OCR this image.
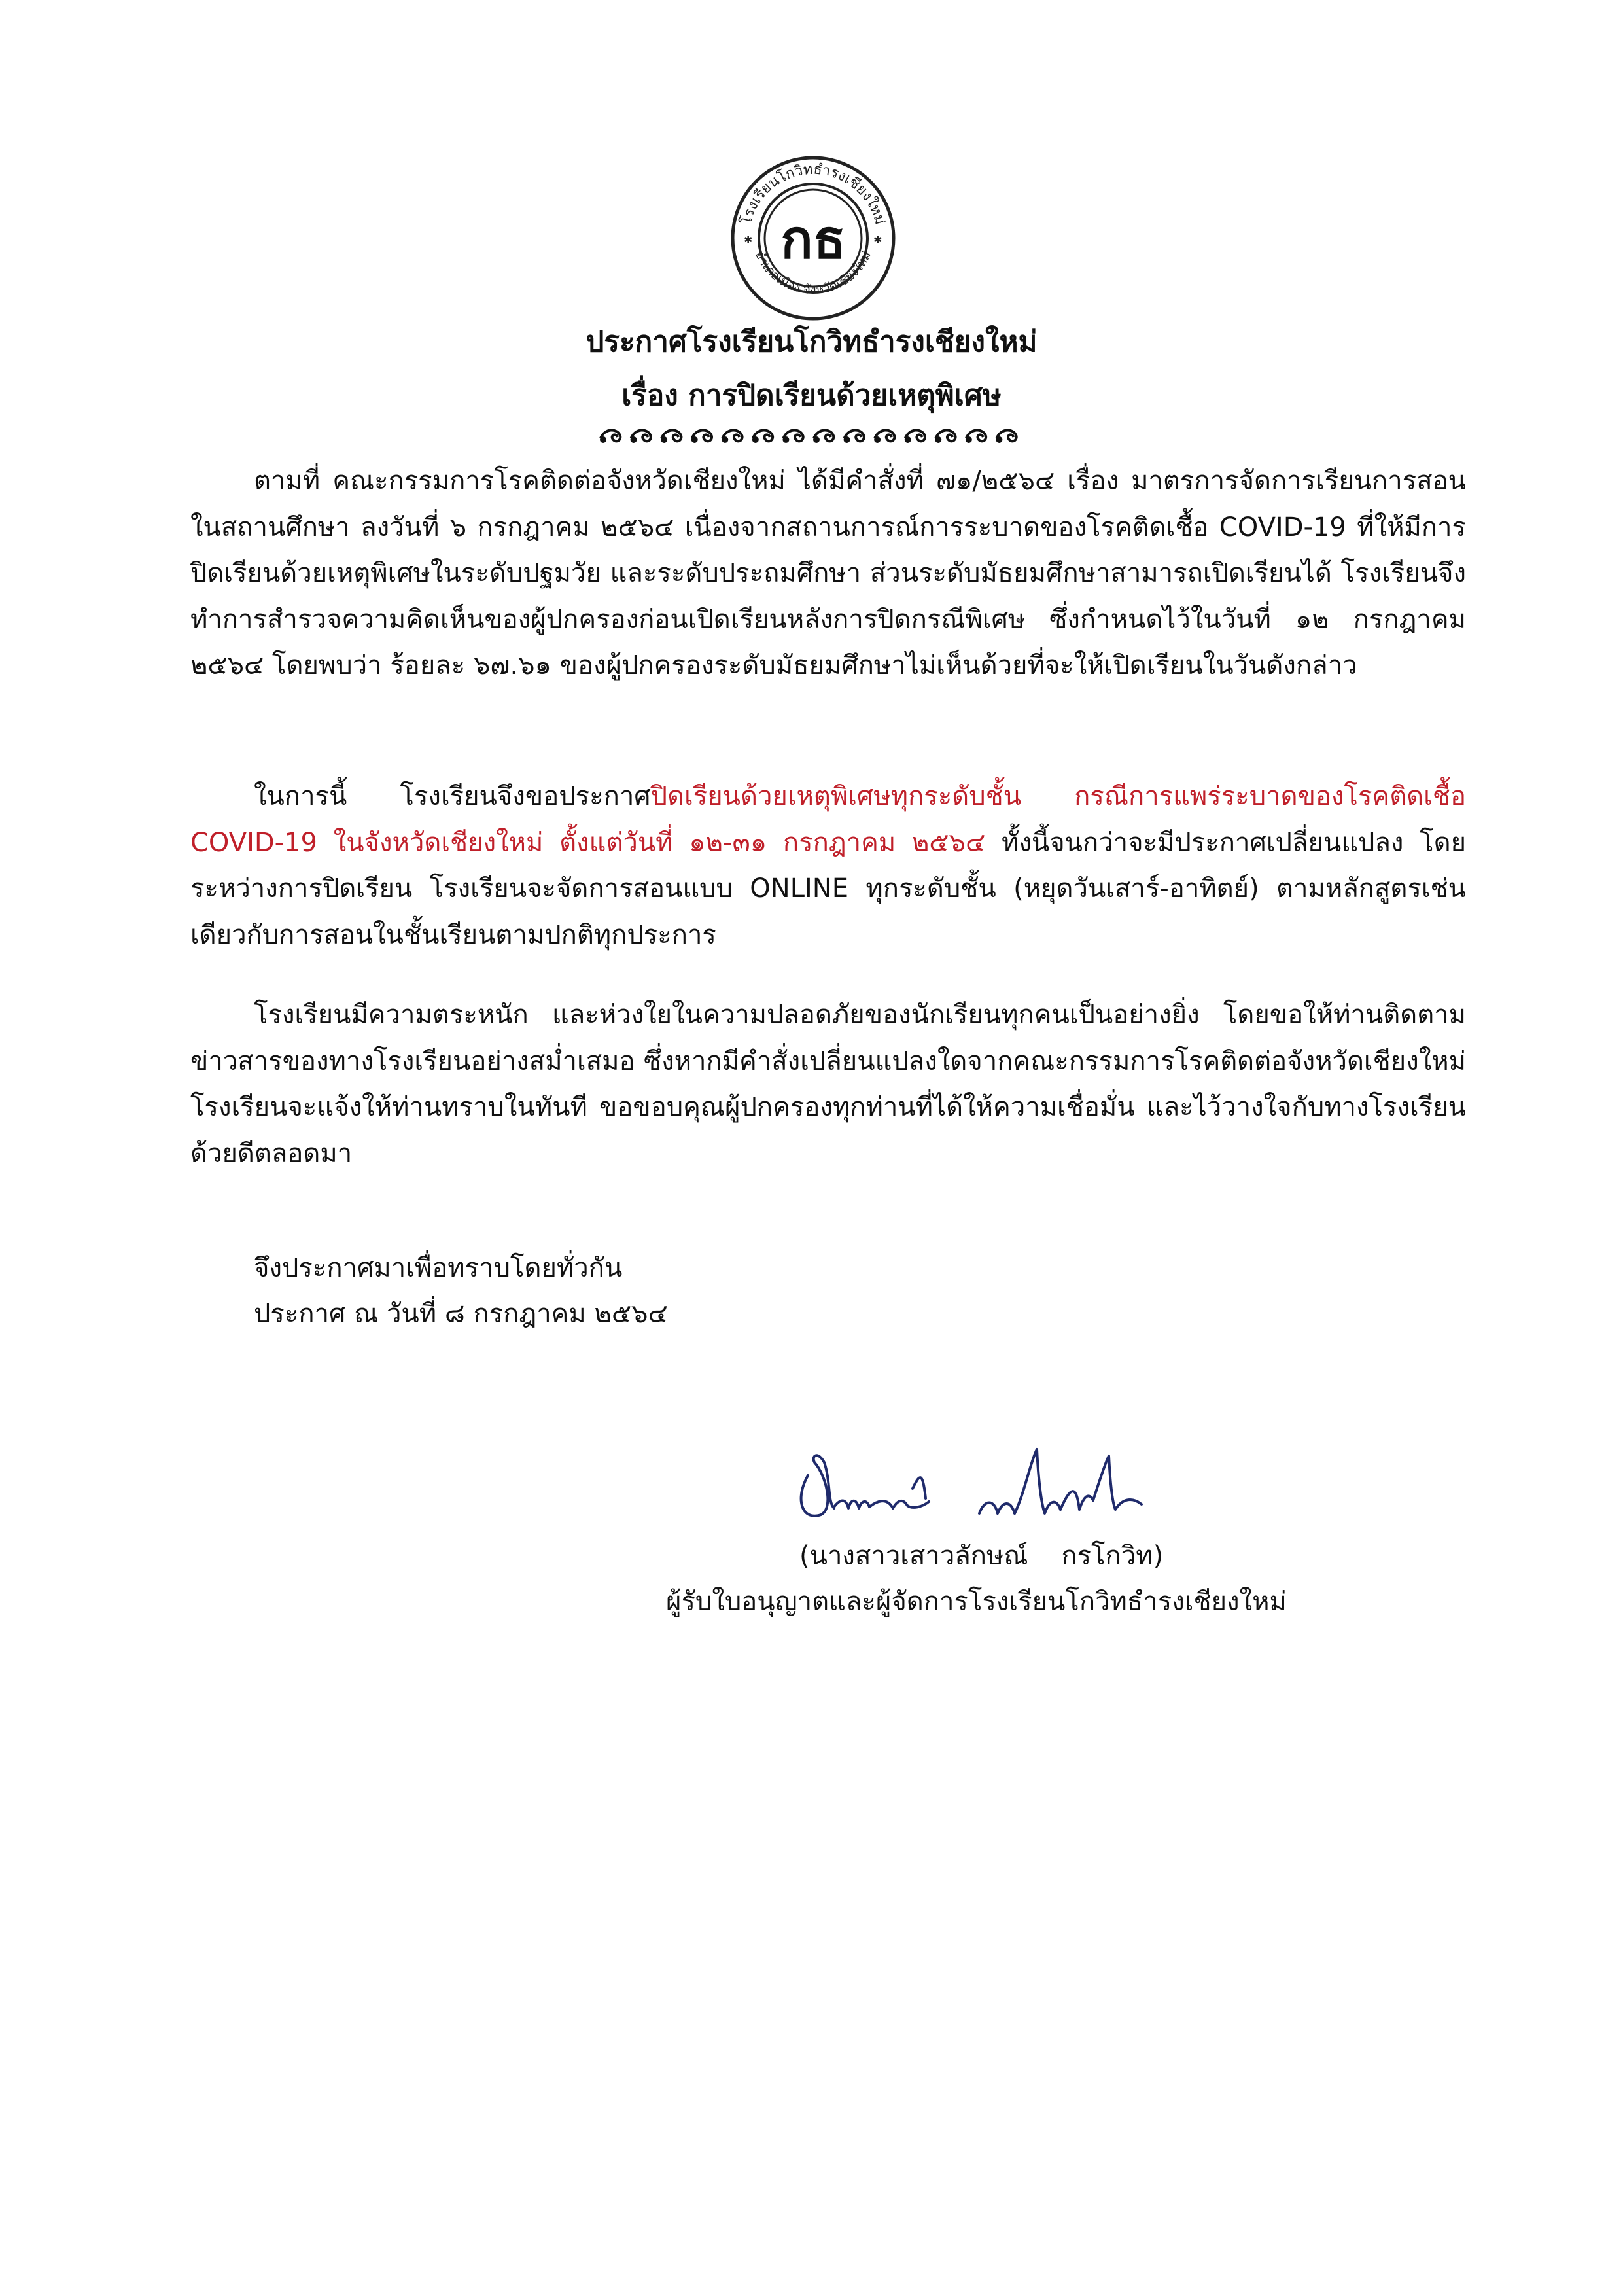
โรงเรียนโกวิทธำรงเชียงใหม่
อำเภอเมือง จังหวัดเชียงใหม่
✱	✱
กธ
ประกาศโรงเรียนโกวิทธำรงเชียงใหม่
เรื่อง การปิดเรียนด้วยเหตุพิเศษ

ตามที่ คณะกรรมการโรคติดต่อจังหวัดเชียงใหม่ ได้มีคำสั่งที่ ๗๑/๒๕๖๔ เรื่อง มาตรการจัดการเรียนการสอนในสถานศึกษา ลงวันที่ ๖ กรกฎาคม ๒๕๖๔ เนื่องจากสถานการณ์การระบาดของโรคติดเชื้อ COVID-19 ที่ให้มีการปิดเรียนด้วยเหตุพิเศษในระดับปฐมวัย และระดับประถมศึกษา ส่วนระดับมัธยมศึกษาสามารถเปิดเรียนได้ โรงเรียนจึงทำการสำรวจความคิดเห็นของผู้ปกครองก่อนเปิดเรียนหลังการปิดกรณีพิเศษ ซึ่งกำหนดไว้ในวันที่ ๑๒ กรกฎาคม ๒๕๖๔ โดยพบว่า ร้อยละ ๖๗.๖๑ ของผู้ปกครองระดับมัธยมศึกษาไม่เห็นด้วยที่จะให้เปิดเรียนในวันดังกล่าว

ในการนี้ โรงเรียนจึงขอประกาศปิดเรียนด้วยเหตุพิเศษทุกระดับชั้น กรณีการแพร่ระบาดของโรคติดเชื้อ COVID-19 ในจังหวัดเชียงใหม่ ตั้งแต่วันที่ ๑๒-๓๑ กรกฎาคม ๒๕๖๔ ทั้งนี้จนกว่าจะมีประกาศเปลี่ยนแปลง โดยระหว่างการปิดเรียน โรงเรียนจะจัดการสอนแบบ ONLINE ทุกระดับชั้น (หยุดวันเสาร์-อาทิตย์) ตามหลักสูตรเช่นเดียวกับการสอนในชั้นเรียนตามปกติทุกประการ

โรงเรียนมีความตระหนัก และห่วงใยในความปลอดภัยของนักเรียนทุกคนเป็นอย่างยิ่ง โดยขอให้ท่านติดตามข่าวสารของทางโรงเรียนอย่างสม่ำเสมอ ซึ่งหากมีคำสั่งเปลี่ยนแปลงใดจากคณะกรรมการโรคติดต่อจังหวัดเชียงใหม่ โรงเรียนจะแจ้งให้ท่านทราบในทันที ขอขอบคุณผู้ปกครองทุกท่านที่ได้ให้ความเชื่อมั่น และไว้วางใจกับทางโรงเรียนด้วยดีตลอดมา

จึงประกาศมาเพื่อทราบโดยทั่วกัน
ประกาศ ณ วันที่ ๘ กรกฎาคม ๒๕๖๔
(นางสาวเสาวลักษณ์    กรโกวิท)
ผู้รับใบอนุญาตและผู้จัดการโรงเรียนโกวิทธำรงเชียงใหม่
